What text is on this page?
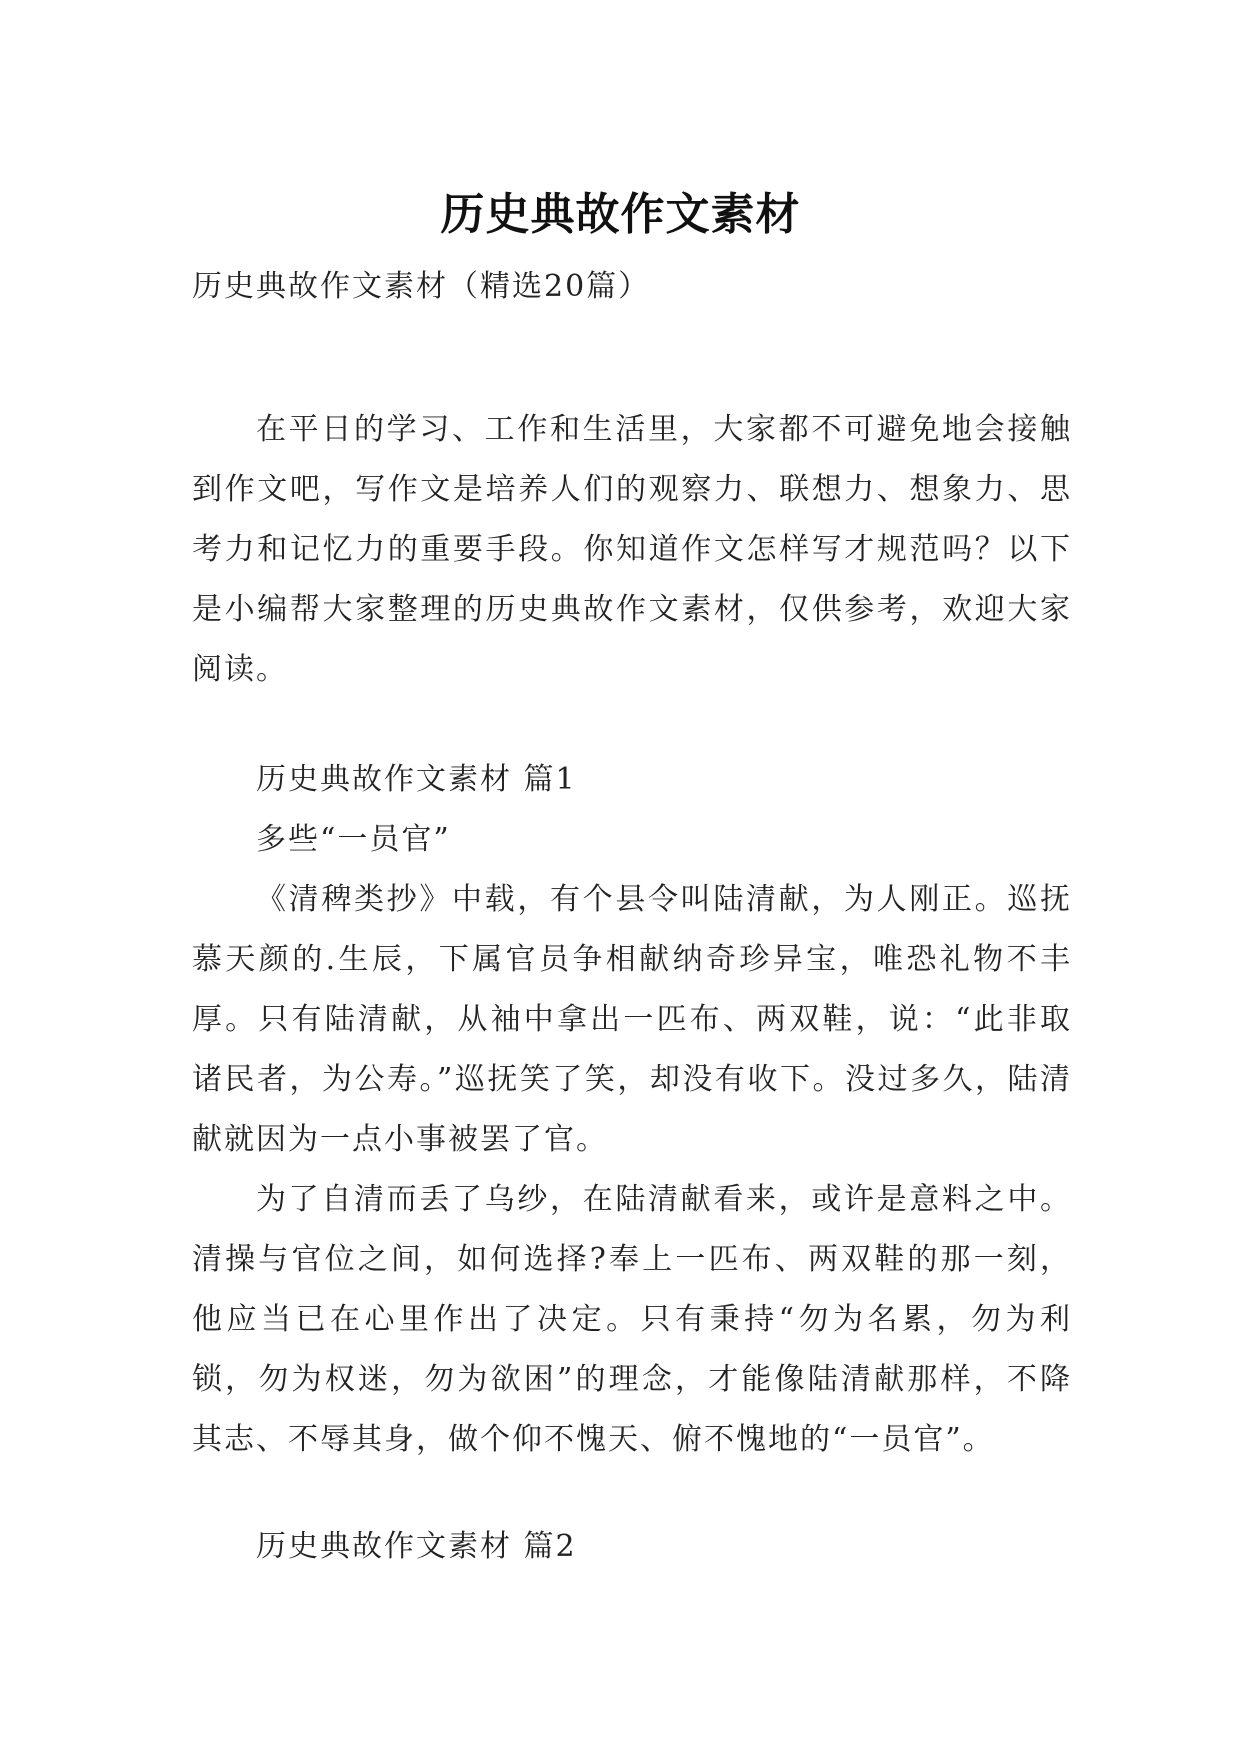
历史典故作文素材

历史典故作文素材（精选20篇）

在平日的学习、工作和生活里，大家都不可避免地会接触到作文吧，写作文是培养人们的观察力、联想力、想象力、思考力和记忆力的重要手段。你知道作文怎样写才规范吗？以下是小编帮大家整理的历史典故作文素材，仅供参考，欢迎大家阅读。

历史典故作文素材 篇1

多些“一员官”

《清稗类抄》中载，有个县令叫陆清献，为人刚正。巡抚慕天颜的.生辰，下属官员争相献纳奇珍异宝，唯恐礼物不丰厚。只有陆清献，从袖中拿出一匹布、两双鞋，说：“此非取诸民者，为公寿。”巡抚笑了笑，却没有收下。没过多久，陆清献就因为一点小事被罢了官。

为了自清而丢了乌纱，在陆清献看来，或许是意料之中。清操与官位之间，如何选择?奉上一匹布、两双鞋的那一刻，他应当已在心里作出了决定。只有秉持“勿为名累，勿为利锁，勿为权迷，勿为欲困”的理念，才能像陆清献那样，不降其志、不辱其身，做个仰不愧天、俯不愧地的“一员官”。

历史典故作文素材 篇2
